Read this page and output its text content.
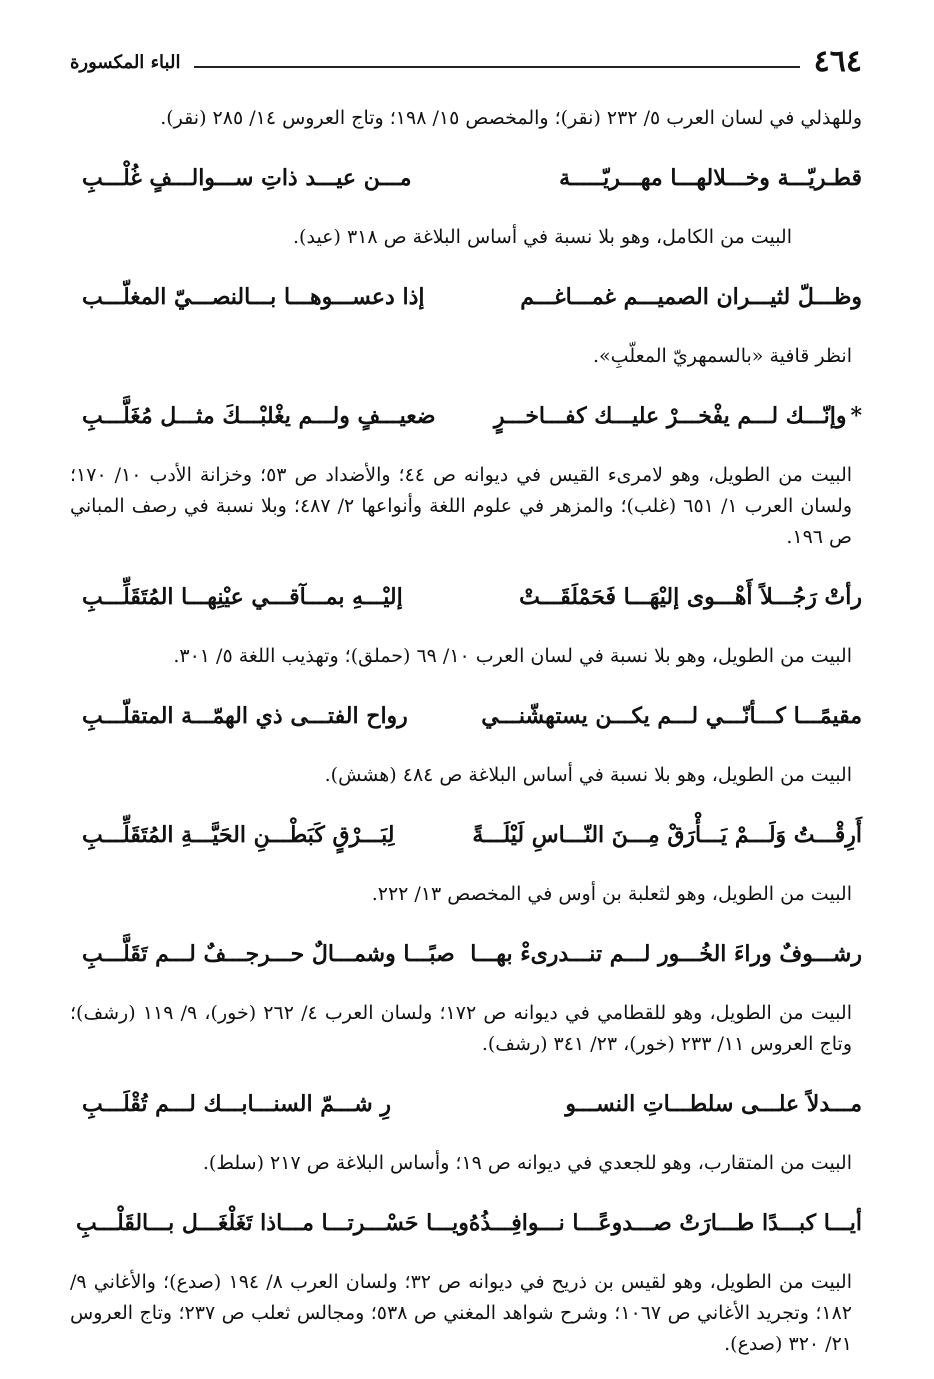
٤٦٤
الباء المكسورة

وللهذلي في لسان العرب ٥/ ٢٣٢ (نقر)؛ والمخصص ١٥/ ١٩٨؛ وتاج العروس ١٤/ ٢٨٥ (نقر).

قطـريّـــة وخـــلالهـــا مهـــريّـــــة
مـــن عيـــد ذاتِ ســـوالـــفٍ غُلْـــبِ

البيت من الكامل، وهو بلا نسبة في أساس البلاغة ص ٣١٨ (عيد).

وظـــلّ لثيـــران الصميـــم غمـــاغـــم
إذا دعســـوهـــا بـــالنصـــيّ المغلّـــب

انظر قافية «بالسمهريّ المعلّبِ».

*وإنّـــك لـــم يفْخـــرْ عليـــك كفـــاخـــرٍ
ضعيـــفٍ ولـــم يغْلبْـــكَ مثـــل مُغَلَّـــبِ

البيت من الطويل، وهو لامرىء القيس في ديوانه ص ٤٤؛ والأضداد ص ٥٣؛ وخزانة الأدب ١٠/ ١٧٠؛ ولسان العرب ١/ ٦٥١ (غلب)؛ والمزهر في علوم اللغة وأنواعها ٢/ ٤٨٧؛ وبلا نسبة في رصف المباني ص ١٩٦.

رأتْ رَجُـــلاً أَهْـــوى إليْهَـــا فَحَمْلَقَـــتْ
إليْـــهِ بمـــآقـــي عيْنِهـــا المُتَقَلِّـــبِ

البيت من الطويل، وهو بلا نسبة في لسان العرب ١٠/ ٦٩ (حملق)؛ وتهذيب اللغة ٥/ ٣٠١.

مقيمًـــا كـــأنّـــي لـــم يكـــن يستهشّنـــي
رواح الفتـــى ذي الهمّـــة المتقلّـــبِ

البيت من الطويل، وهو بلا نسبة في أساس البلاغة ص ٤٨٤ (هشش).

أَرِقْـــتُ وَلَـــمْ يَـــأْرَقْ مِـــنَ النّـــاسِ لَيْلَـــةً
لِبَـــرْقٍ كَبَطْـــنِ الحَيَّـــةِ المُتَقَلِّـــبِ

البيت من الطويل، وهو لثعلبة بن أوس في المخصص ١٣/ ٢٢٢.

رشـــوفٌ وراءَ الخُـــور لـــم تنـــدرىءْ بهـــا
صبًـــا وشمـــالٌ حـــرجـــفٌ لـــم تَقَلَّـــبِ

البيت من الطويل، وهو للقطامي في ديوانه ص ١٧٢؛ ولسان العرب ٤/ ٢٦٢ (خور)، ٩/ ١١٩ (رشف)؛ وتاج العروس ١١/ ٢٣٣ (خور)، ٢٣/ ٣٤١ (رشف).

مـــدلاً علـــى سلطـــاتِ النســـو
رِ شـــمّ السنـــابـــك لـــم تُقْلَـــبِ

البيت من المتقارب، وهو للجعدي في ديوانه ص ١٩؛ وأساس البلاغة ص ٢١٧ (سلط).

أيـــا كبـــدًا طـــارَتْ صـــدوعًـــا نـــوافِـــذُهُ
ويـــا حَسْـــرتـــا مـــاذا تَغَلْغَـــل بـــالقَلْـــبِ

البيت من الطويل، وهو لقيس بن ذريح في ديوانه ص ٣٢؛ ولسان العرب ٨/ ١٩٤ (صدع)؛ والأغاني ٩/ ١٨٢؛ وتجريد الأغاني ص ١٠٦٧؛ وشرح شواهد المغني ص ٥٣٨؛ ومجالس ثعلب ص ٢٣٧؛ وتاج العروس ٢١/ ٣٢٠ (صدع).
